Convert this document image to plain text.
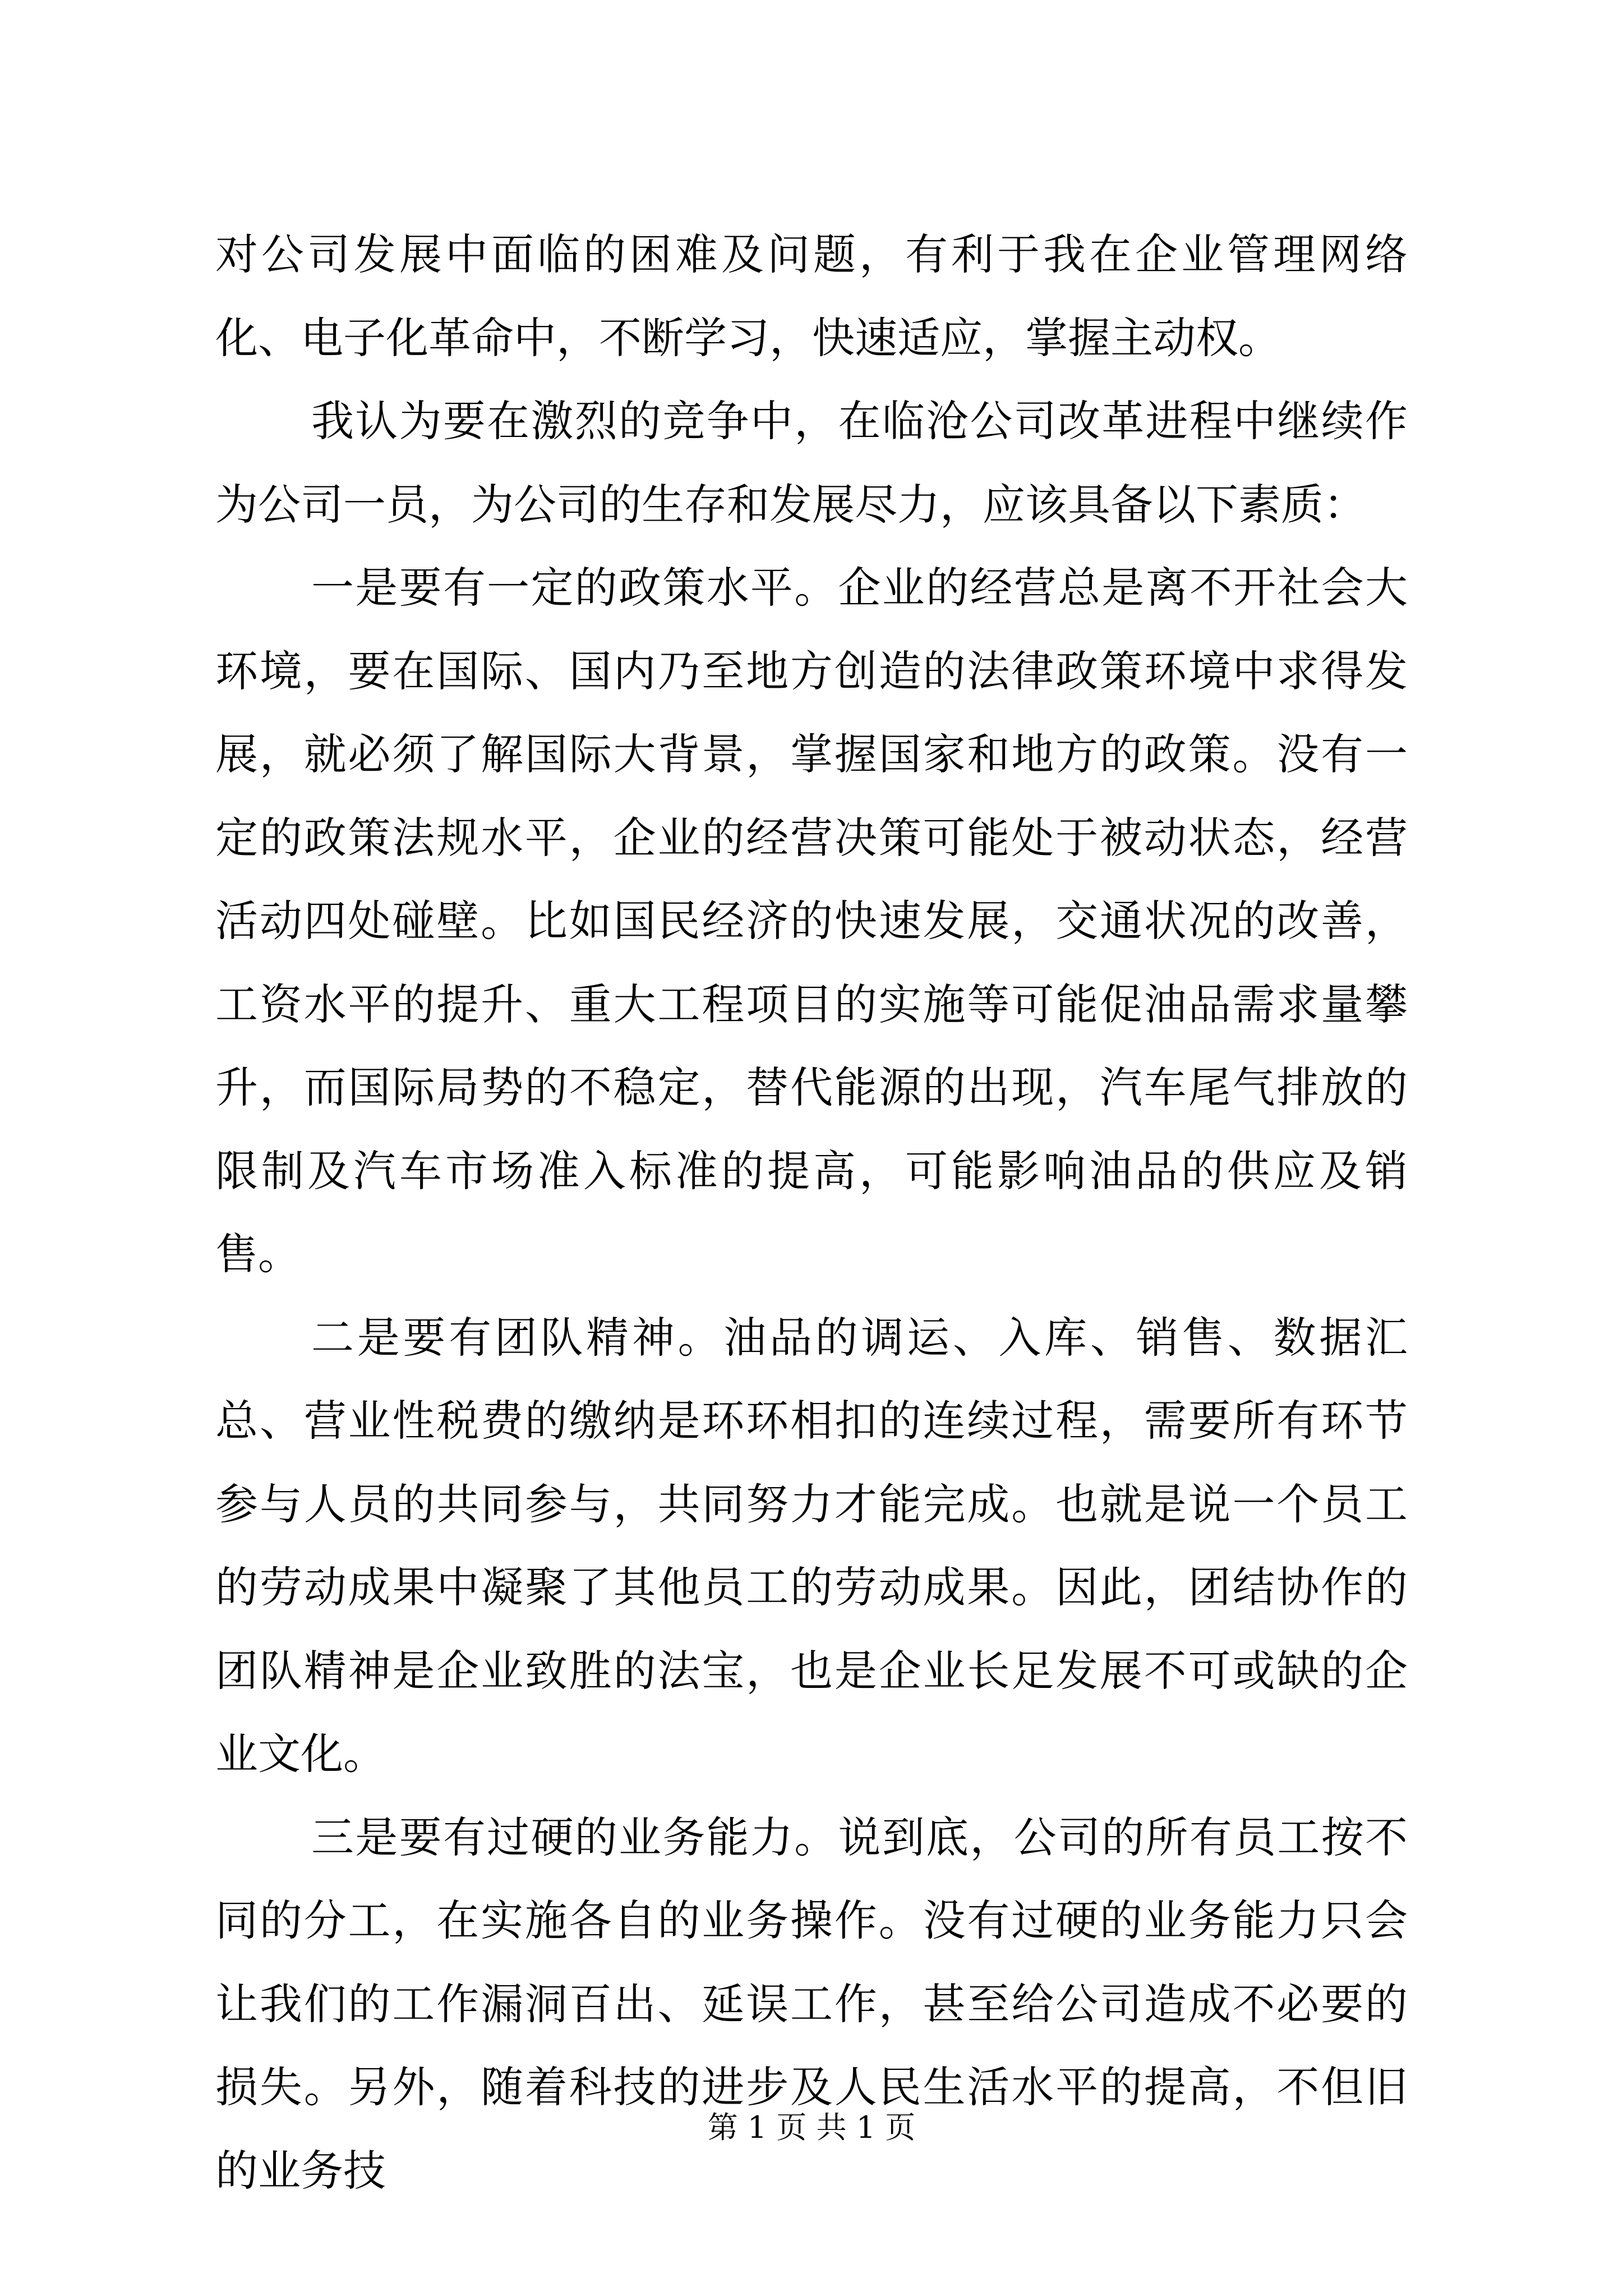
对公司发展中面临的困难及问题，有利于我在企业管理网络化、电子化革命中，不断学习，快速适应，掌握主动权。

我认为要在激烈的竞争中，在临沧公司改革进程中继续作为公司一员，为公司的生存和发展尽力，应该具备以下素质：

一是要有一定的政策水平。企业的经营总是离不开社会大环境，要在国际、国内乃至地方创造的法律政策环境中求得发展，就必须了解国际大背景，掌握国家和地方的政策。没有一定的政策法规水平，企业的经营决策可能处于被动状态，经营活动四处碰壁。比如国民经济的快速发展，交通状况的改善，工资水平的提升、重大工程项目的实施等可能促油品需求量攀升，而国际局势的不稳定，替代能源的出现，汽车尾气排放的限制及汽车市场准入标准的提高，可能影响油品的供应及销售。

二是要有团队精神。油品的调运、入库、销售、数据汇总、营业性税费的缴纳是环环相扣的连续过程，需要所有环节参与人员的共同参与，共同努力才能完成。也就是说一个员工的劳动成果中凝聚了其他员工的劳动成果。因此，团结协作的团队精神是企业致胜的法宝，也是企业长足发展不可或缺的企业文化。

三是要有过硬的业务能力。说到底，公司的所有员工按不同的分工，在实施各自的业务操作。没有过硬的业务能力只会让我们的工作漏洞百出、延误工作，甚至给公司造成不必要的损失。另外，随着科技的进步及人民生活水平的提高，不但旧的业务技

第 1 页 共 1 页
